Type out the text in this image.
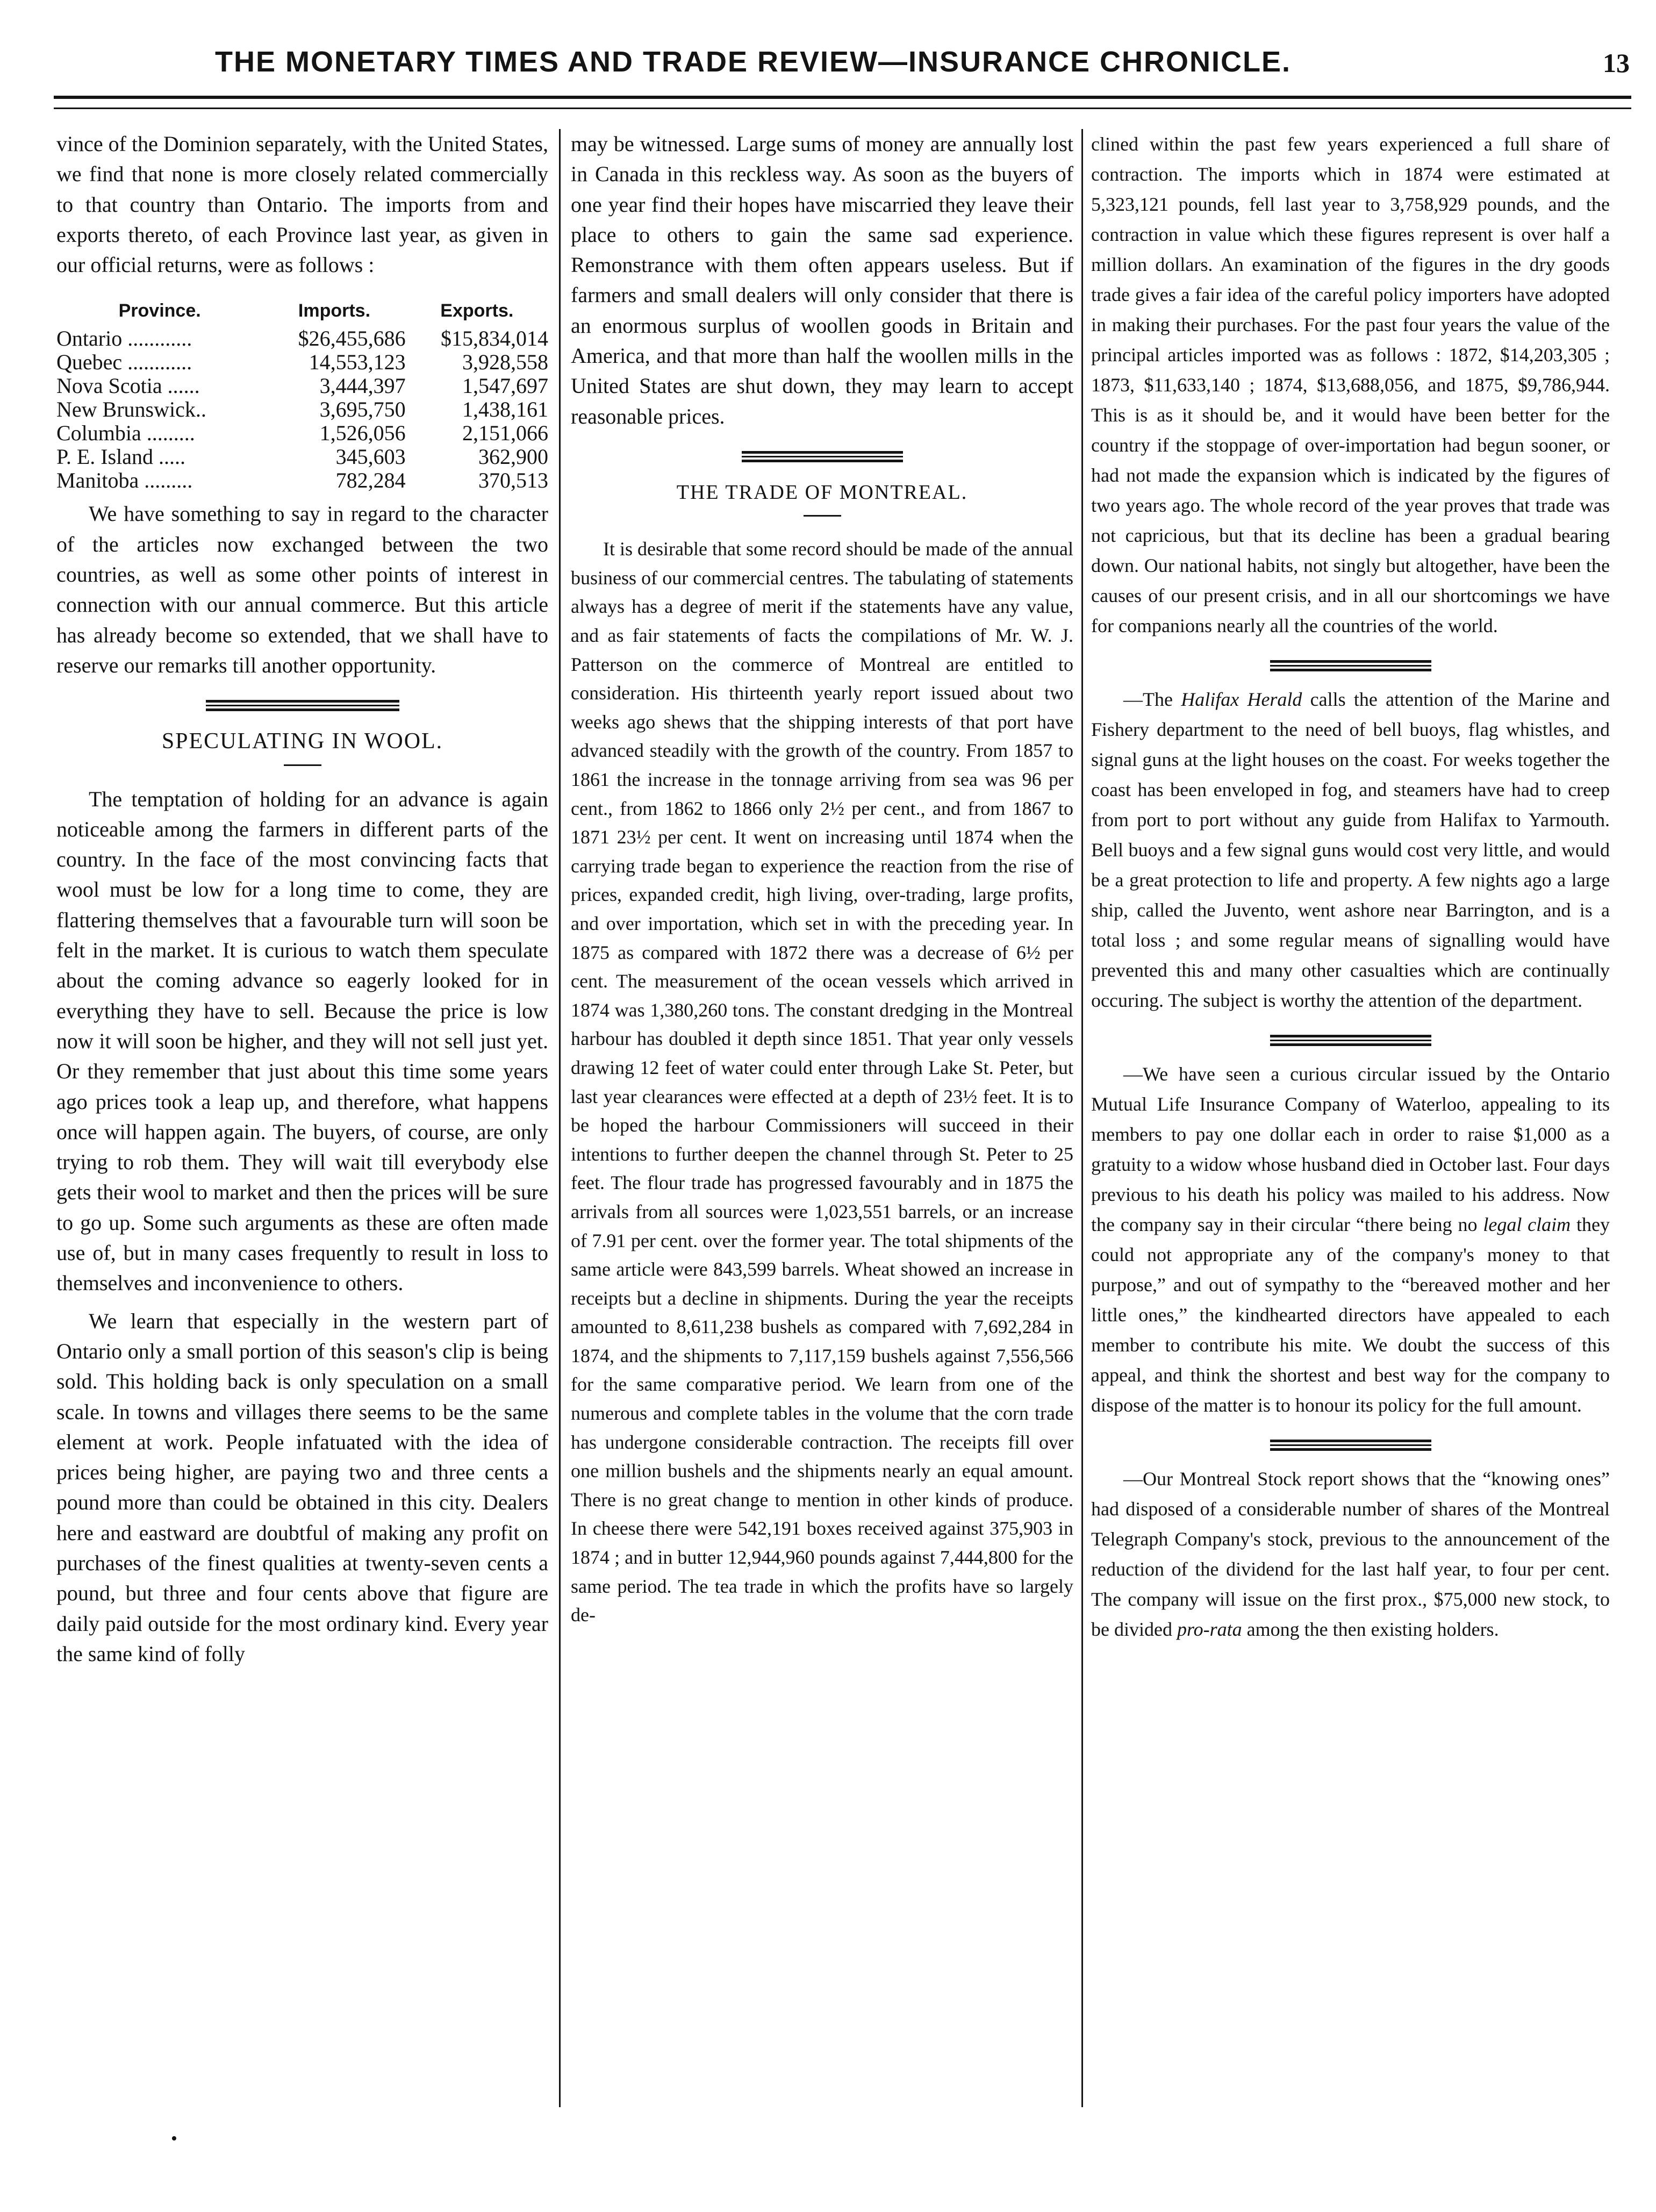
THE MONETARY TIMES AND TRADE REVIEW—INSURANCE CHRONICLE.	13

vince of the Dominion separately, with the United States, we find that none is more closely related commercially to that country than Ontario. The imports from and exports thereto, of each Province last year, as given in our official returns, were as follows :

Province.	Imports.	Exports.
Ontario ............	$26,455,686	$15,834,014
Quebec ............	14,553,123	3,928,558
Nova Scotia ......	3,444,397	1,547,697
New Brunswick..	3,695,750	1,438,161
Columbia .........	1,526,056	2,151,066
P. E. Island .....	345,603	362,900
Manitoba .........	782,284	370,513

We have something to say in regard to the character of the articles now exchanged between the two countries, as well as some other points of interest in connection with our annual commerce. But this article has already become so extended, that we shall have to reserve our remarks till another opportunity.

SPECULATING IN WOOL.

The temptation of holding for an advance is again noticeable among the farmers in different parts of the country. In the face of the most convincing facts that wool must be low for a long time to come, they are flattering themselves that a favourable turn will soon be felt in the market. It is curious to watch them speculate about the coming advance so eagerly looked for in everything they have to sell. Because the price is low now it will soon be higher, and they will not sell just yet. Or they remember that just about this time some years ago prices took a leap up, and therefore, what happens once will happen again. The buyers, of course, are only trying to rob them. They will wait till everybody else gets their wool to market and then the prices will be sure to go up. Some such arguments as these are often made use of, but in many cases frequently to result in loss to themselves and inconvenience to others.

We learn that especially in the western part of Ontario only a small portion of this season's clip is being sold. This holding back is only speculation on a small scale. In towns and villages there seems to be the same element at work. People infatuated with the idea of prices being higher, are paying two and three cents a pound more than could be obtained in this city. Dealers here and eastward are doubtful of making any profit on purchases of the finest qualities at twenty-seven cents a pound, but three and four cents above that figure are daily paid outside for the most ordinary kind. Every year the same kind of folly

may be witnessed. Large sums of money are annually lost in Canada in this reckless way. As soon as the buyers of one year find their hopes have miscarried they leave their place to others to gain the same sad experience. Remonstrance with them often appears useless. But if farmers and small dealers will only consider that there is an enormous surplus of woollen goods in Britain and America, and that more than half the woollen mills in the United States are shut down, they may learn to accept reasonable prices.

THE TRADE OF MONTREAL.

It is desirable that some record should be made of the annual business of our commercial centres. The tabulating of statements always has a degree of merit if the statements have any value, and as fair statements of facts the compilations of Mr. W. J. Patterson on the commerce of Montreal are entitled to consideration. His thirteenth yearly report issued about two weeks ago shews that the shipping interests of that port have advanced steadily with the growth of the country. From 1857 to 1861 the increase in the tonnage arriving from sea was 96 per cent., from 1862 to 1866 only 2½ per cent., and from 1867 to 1871 23½ per cent. It went on increasing until 1874 when the carrying trade began to experience the reaction from the rise of prices, expanded credit, high living, over-trading, large profits, and over importation, which set in with the preceding year. In 1875 as compared with 1872 there was a decrease of 6½ per cent. The measurement of the ocean vessels which arrived in 1874 was 1,380,260 tons. The constant dredging in the Montreal harbour has doubled it depth since 1851. That year only vessels drawing 12 feet of water could enter through Lake St. Peter, but last year clearances were effected at a depth of 23½ feet. It is to be hoped the harbour Commissioners will succeed in their intentions to further deepen the channel through St. Peter to 25 feet. The flour trade has progressed favourably and in 1875 the arrivals from all sources were 1,023,551 barrels, or an increase of 7.91 per cent. over the former year. The total shipments of the same article were 843,599 barrels. Wheat showed an increase in receipts but a decline in shipments. During the year the receipts amounted to 8,611,238 bushels as compared with 7,692,284 in 1874, and the shipments to 7,117,159 bushels against 7,556,566 for the same comparative period. We learn from one of the numerous and complete tables in the volume that the corn trade has undergone considerable contraction. The receipts fill over one million bushels and the shipments nearly an equal amount. There is no great change to mention in other kinds of produce. In cheese there were 542,191 boxes received against 375,903 in 1874 ; and in butter 12,944,960 pounds against 7,444,800 for the same period. The tea trade in which the profits have so largely de-

clined within the past few years experienced a full share of contraction. The imports which in 1874 were estimated at 5,323,121 pounds, fell last year to 3,758,929 pounds, and the contraction in value which these figures represent is over half a million dollars. An examination of the figures in the dry goods trade gives a fair idea of the careful policy importers have adopted in making their purchases. For the past four years the value of the principal articles imported was as follows : 1872, $14,203,305 ; 1873, $11,633,140 ; 1874, $13,688,056, and 1875, $9,786,944. This is as it should be, and it would have been better for the country if the stoppage of over-importation had begun sooner, or had not made the expansion which is indicated by the figures of two years ago. The whole record of the year proves that trade was not capricious, but that its decline has been a gradual bearing down. Our national habits, not singly but altogether, have been the causes of our present crisis, and in all our shortcomings we have for companions nearly all the countries of the world.

—The Halifax Herald calls the attention of the Marine and Fishery department to the need of bell buoys, flag whistles, and signal guns at the light houses on the coast. For weeks together the coast has been enveloped in fog, and steamers have had to creep from port to port without any guide from Halifax to Yarmouth. Bell buoys and a few signal guns would cost very little, and would be a great protection to life and property. A few nights ago a large ship, called the Juvento, went ashore near Barrington, and is a total loss ; and some regular means of signalling would have prevented this and many other casualties which are continually occuring. The subject is worthy the attention of the department.

—We have seen a curious circular issued by the Ontario Mutual Life Insurance Company of Waterloo, appealing to its members to pay one dollar each in order to raise $1,000 as a gratuity to a widow whose husband died in October last. Four days previous to his death his policy was mailed to his address. Now the company say in their circular “there being no legal claim they could not appropriate any of the company's money to that purpose,” and out of sympathy to the “bereaved mother and her little ones,” the kindhearted directors have appealed to each member to contribute his mite. We doubt the success of this appeal, and think the shortest and best way for the company to dispose of the matter is to honour its policy for the full amount.

—Our Montreal Stock report shows that the “knowing ones” had disposed of a considerable number of shares of the Montreal Telegraph Company's stock, previous to the announcement of the reduction of the dividend for the last half year, to four per cent. The company will issue on the first prox., $75,000 new stock, to be divided pro-rata among the then existing holders.

•
